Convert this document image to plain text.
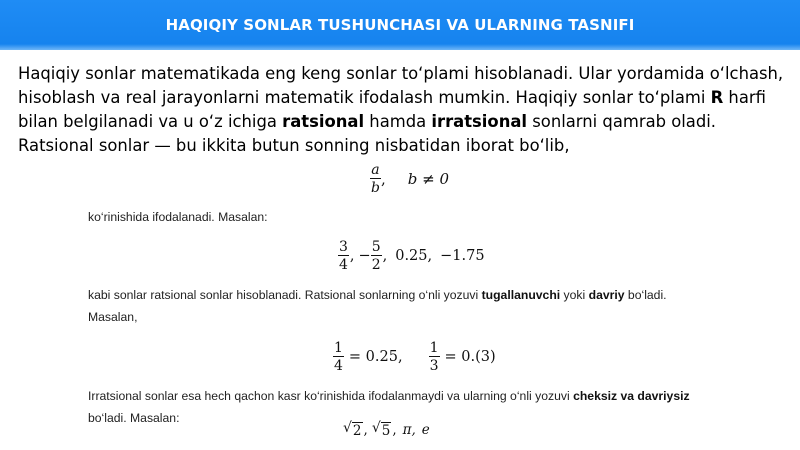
HAQIQIY SONLAR TUSHUNCHASI VA ULARNING TASNIFI
Haqiqiy sonlar matematikada eng keng sonlar to‘plami hisoblanadi. Ular yordamida o‘lchash, hisoblash va real jarayonlarni matematik ifodalash mumkin. Haqiqiy sonlar to‘plami R harfi bilan belgilanadi va u o‘z ichiga ratsional hamda irratsional sonlarni qamrab oladi.
Ratsional sonlar — bu ikkita butun sonning nisbatidan iborat bo‘lib,
$\frac{a}{b}$ , b ≠ 0
ko‘rinishida ifodalanadi. Masalan:
$\frac{3}{4}$ , − $\frac{5}{2}$ , 0.25, −1.75
kabi sonlar ratsional sonlar hisoblanadi. Ratsional sonlarning o‘nli yozuvi tugallanuvchi yoki davriy bo‘ladi.
Masalan,
$\frac{1}{4} = 0.25$, $\frac{1}{3} = 0.(3)$
Irratsional sonlar esa hech qachon kasr ko‘rinishida ifodalanmaydi va ularning o‘nli yozuvi cheksiz va davriysiz bo‘ladi. Masalan:
√ 2 , √ 5 , π, e
